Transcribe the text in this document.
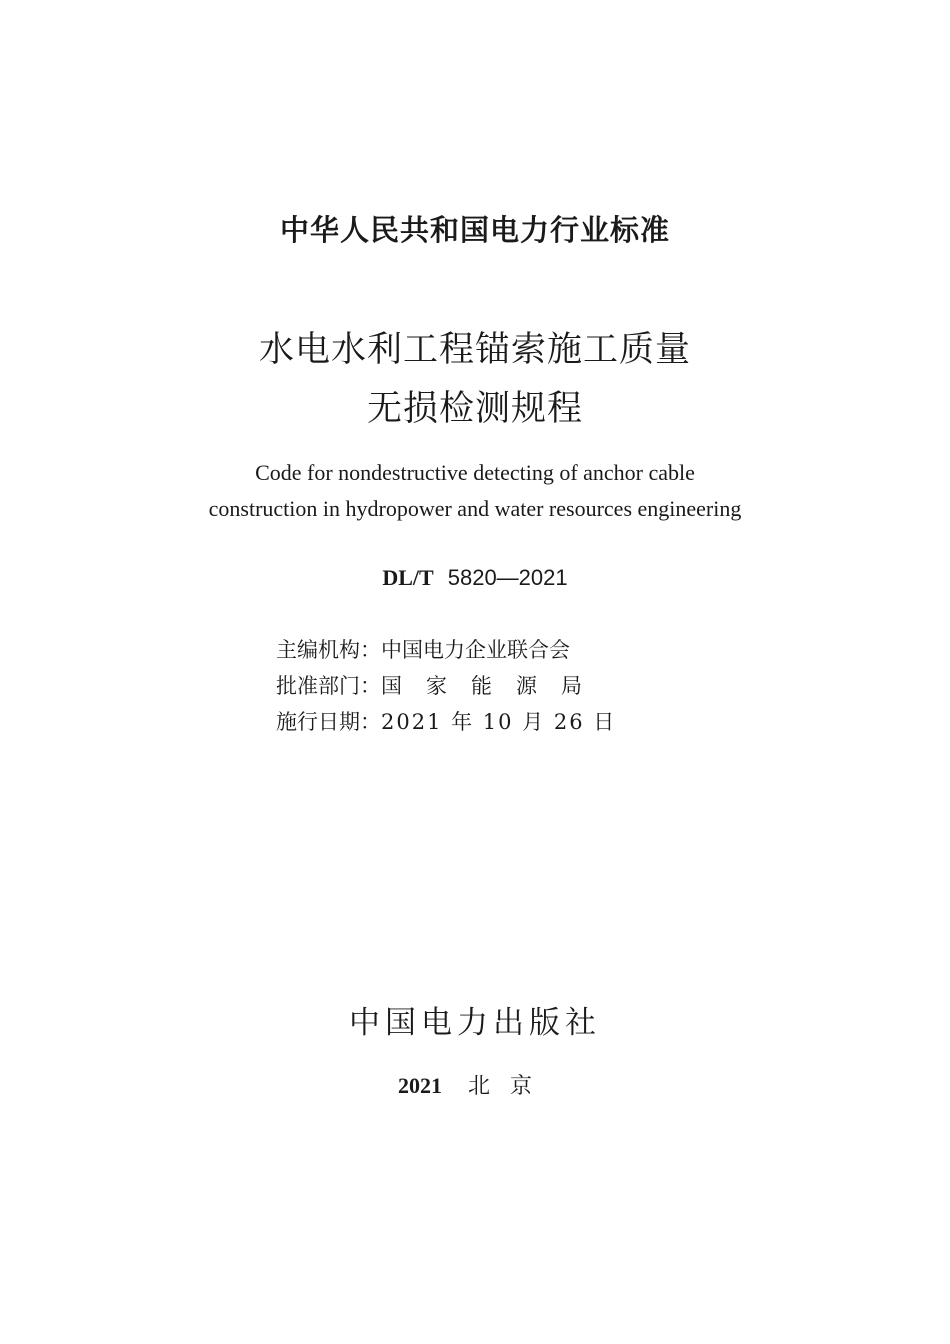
中华人民共和国电力行业标准
水电水利工程锚索施工质量
无损检测规程
Code for nondestructive detecting of anchor cable
construction in hydropower and water resources engineering
DL/T 5820—2021
主编机构：中国电力企业联合会
批准部门：国家能源局
施行日期：2021 年 10 月 26 日
中国电力出版社
2021 北京
